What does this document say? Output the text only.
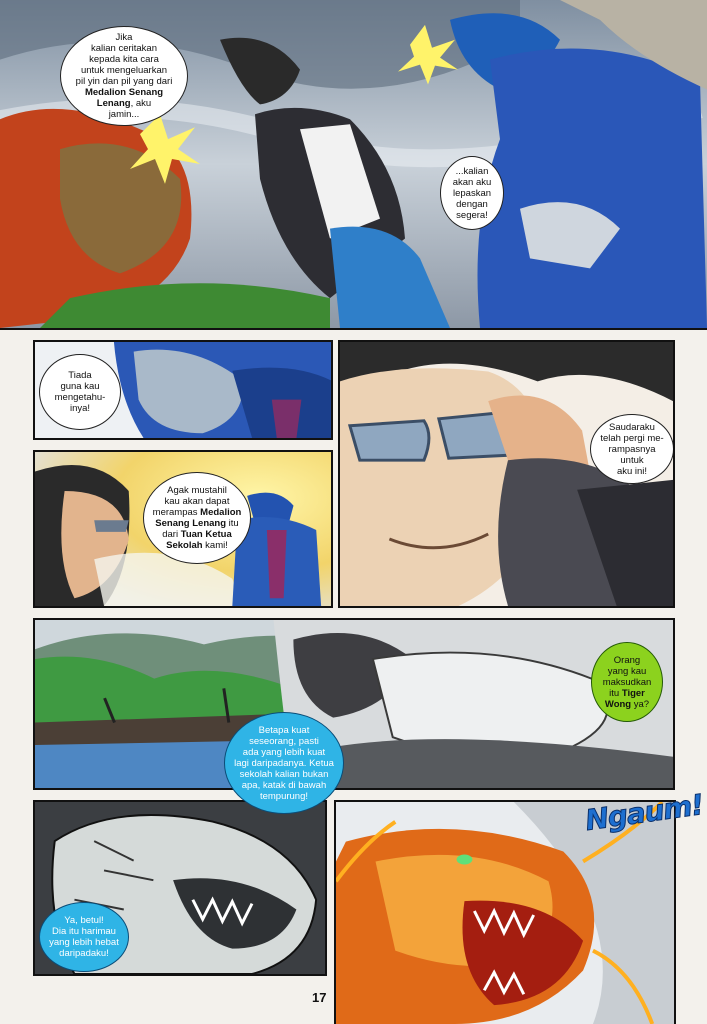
Jika
kalian ceritakan
kepada kita cara
untuk mengeluarkan
pil yin dan pil yang dari
Medalion Senang
Lenang, aku
jamin...
...kalian
akan aku
lepaskan
dengan
segera!
Tiada
guna kau
mengetahu-
inya!
Agak mustahil
kau akan dapat
merampas Medalion
Senang Lenang itu
dari Tuan Ketua
Sekolah kami!
Saudaraku
telah pergi me-
rampasnya untuk
aku ini!
Orang
yang kau
maksudkan
itu Tiger
Wong ya?
Betapa kuat
seseorang, pasti
ada yang lebih kuat
lagi daripadanya. Ketua
sekolah kalian bukan
apa, katak di bawah
tempurung!
Ya, betul!
Dia itu harimau
yang lebih hebat
daripadaku!
Ngaum!
17
